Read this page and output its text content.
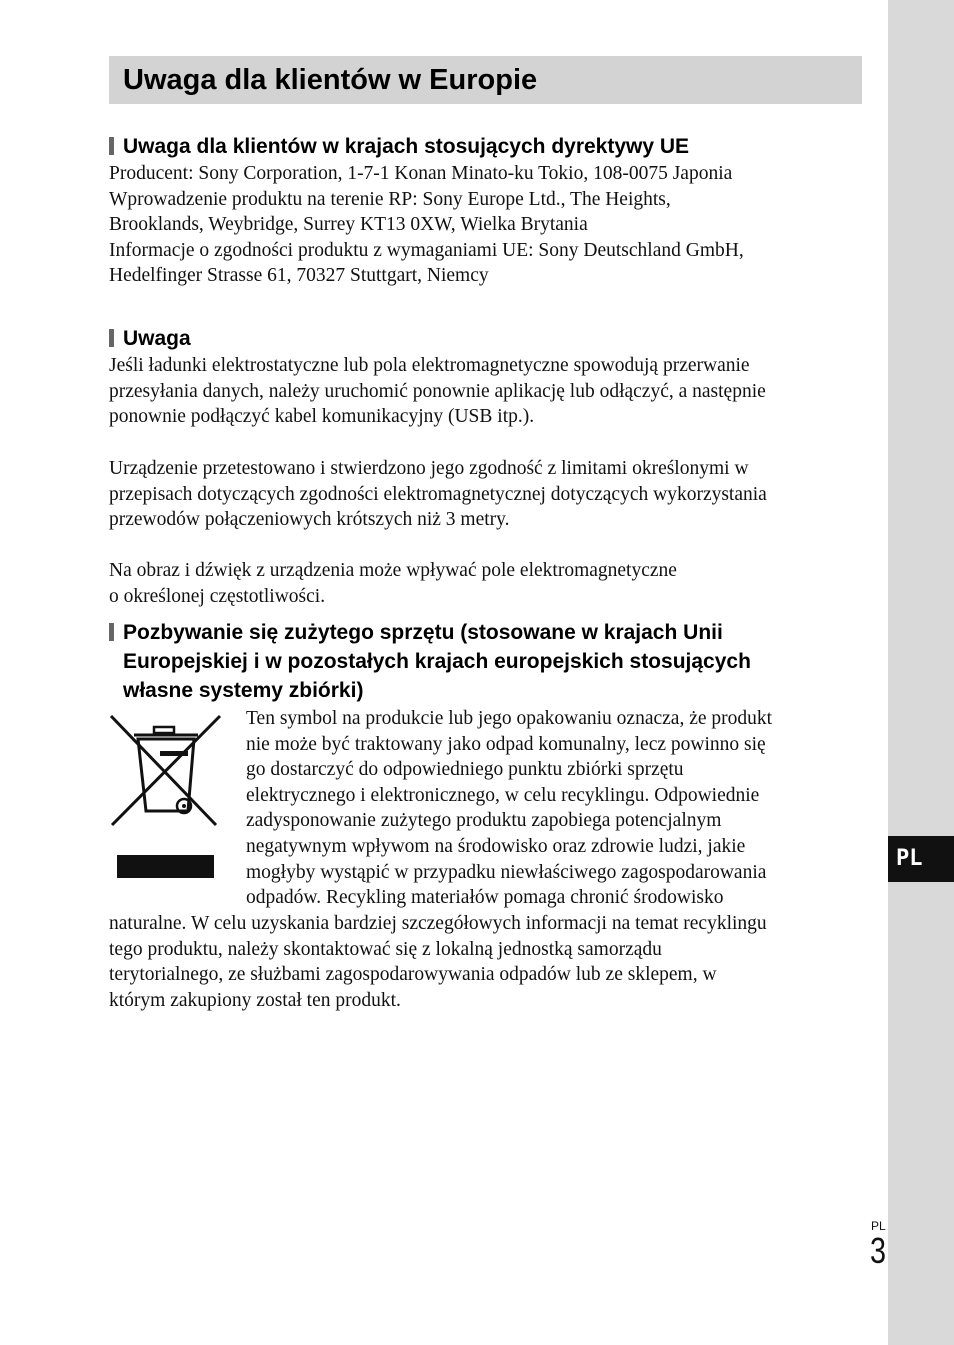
PL
Uwaga dla klientów w Europie
Uwaga dla klientów w krajach stosujących dyrektywy UE

Producent: Sony Corporation, 1-7-1 Konan Minato-ku Tokio, 108-0075 Japonia

Wprowadzenie produktu na terenie RP: Sony Europe Ltd., The Heights,

Brooklands, Weybridge, Surrey KT13 0XW, Wielka Brytania

Informacje o zgodności produktu z wymaganiami UE: Sony Deutschland GmbH,

Hedelfinger Strasse 61, 70327 Stuttgart, Niemcy

Uwaga

Jeśli ładunki elektrostatyczne lub pola elektromagnetyczne spowodują przerwanie

przesyłania danych, należy uruchomić ponownie aplikację lub odłączyć, a następnie

ponownie podłączyć kabel komunikacyjny (USB itp.).

Urządzenie przetestowano i stwierdzono jego zgodność z limitami określonymi w

przepisach dotyczących zgodności elektromagnetycznej dotyczących wykorzystania

przewodów połączeniowych krótszych niż 3 metry.

Na obraz i dźwięk z urządzenia może wpływać pole elektromagnetyczne

o określonej częstotliwości.

Pozbywanie się zużytego sprzętu (stosowane w krajach Unii
Europejskiej i w pozostałych krajach europejskich stosujących
własne systemy zbiórki)

Ten symbol na produkcie lub jego opakowaniu oznacza, że produkt

nie może być traktowany jako odpad komunalny, lecz powinno się

go dostarczyć do odpowiedniego punktu zbiórki sprzętu

elektrycznego i elektronicznego, w celu recyklingu. Odpowiednie

zadysponowanie zużytego produktu zapobiega potencjalnym

negatywnym wpływom na środowisko oraz zdrowie ludzi, jakie

mogłyby wystąpić w przypadku niewłaściwego zagospodarowania

odpadów. Recykling materiałów pomaga chronić środowisko

naturalne. W celu uzyskania bardziej szczegółowych informacji na temat recyklingu

tego produktu, należy skontaktować się z lokalną jednostką samorządu

terytorialnego, ze służbami zagospodarowywania odpadów lub ze sklepem, w

którym zakupiony został ten produkt.

PL
3
